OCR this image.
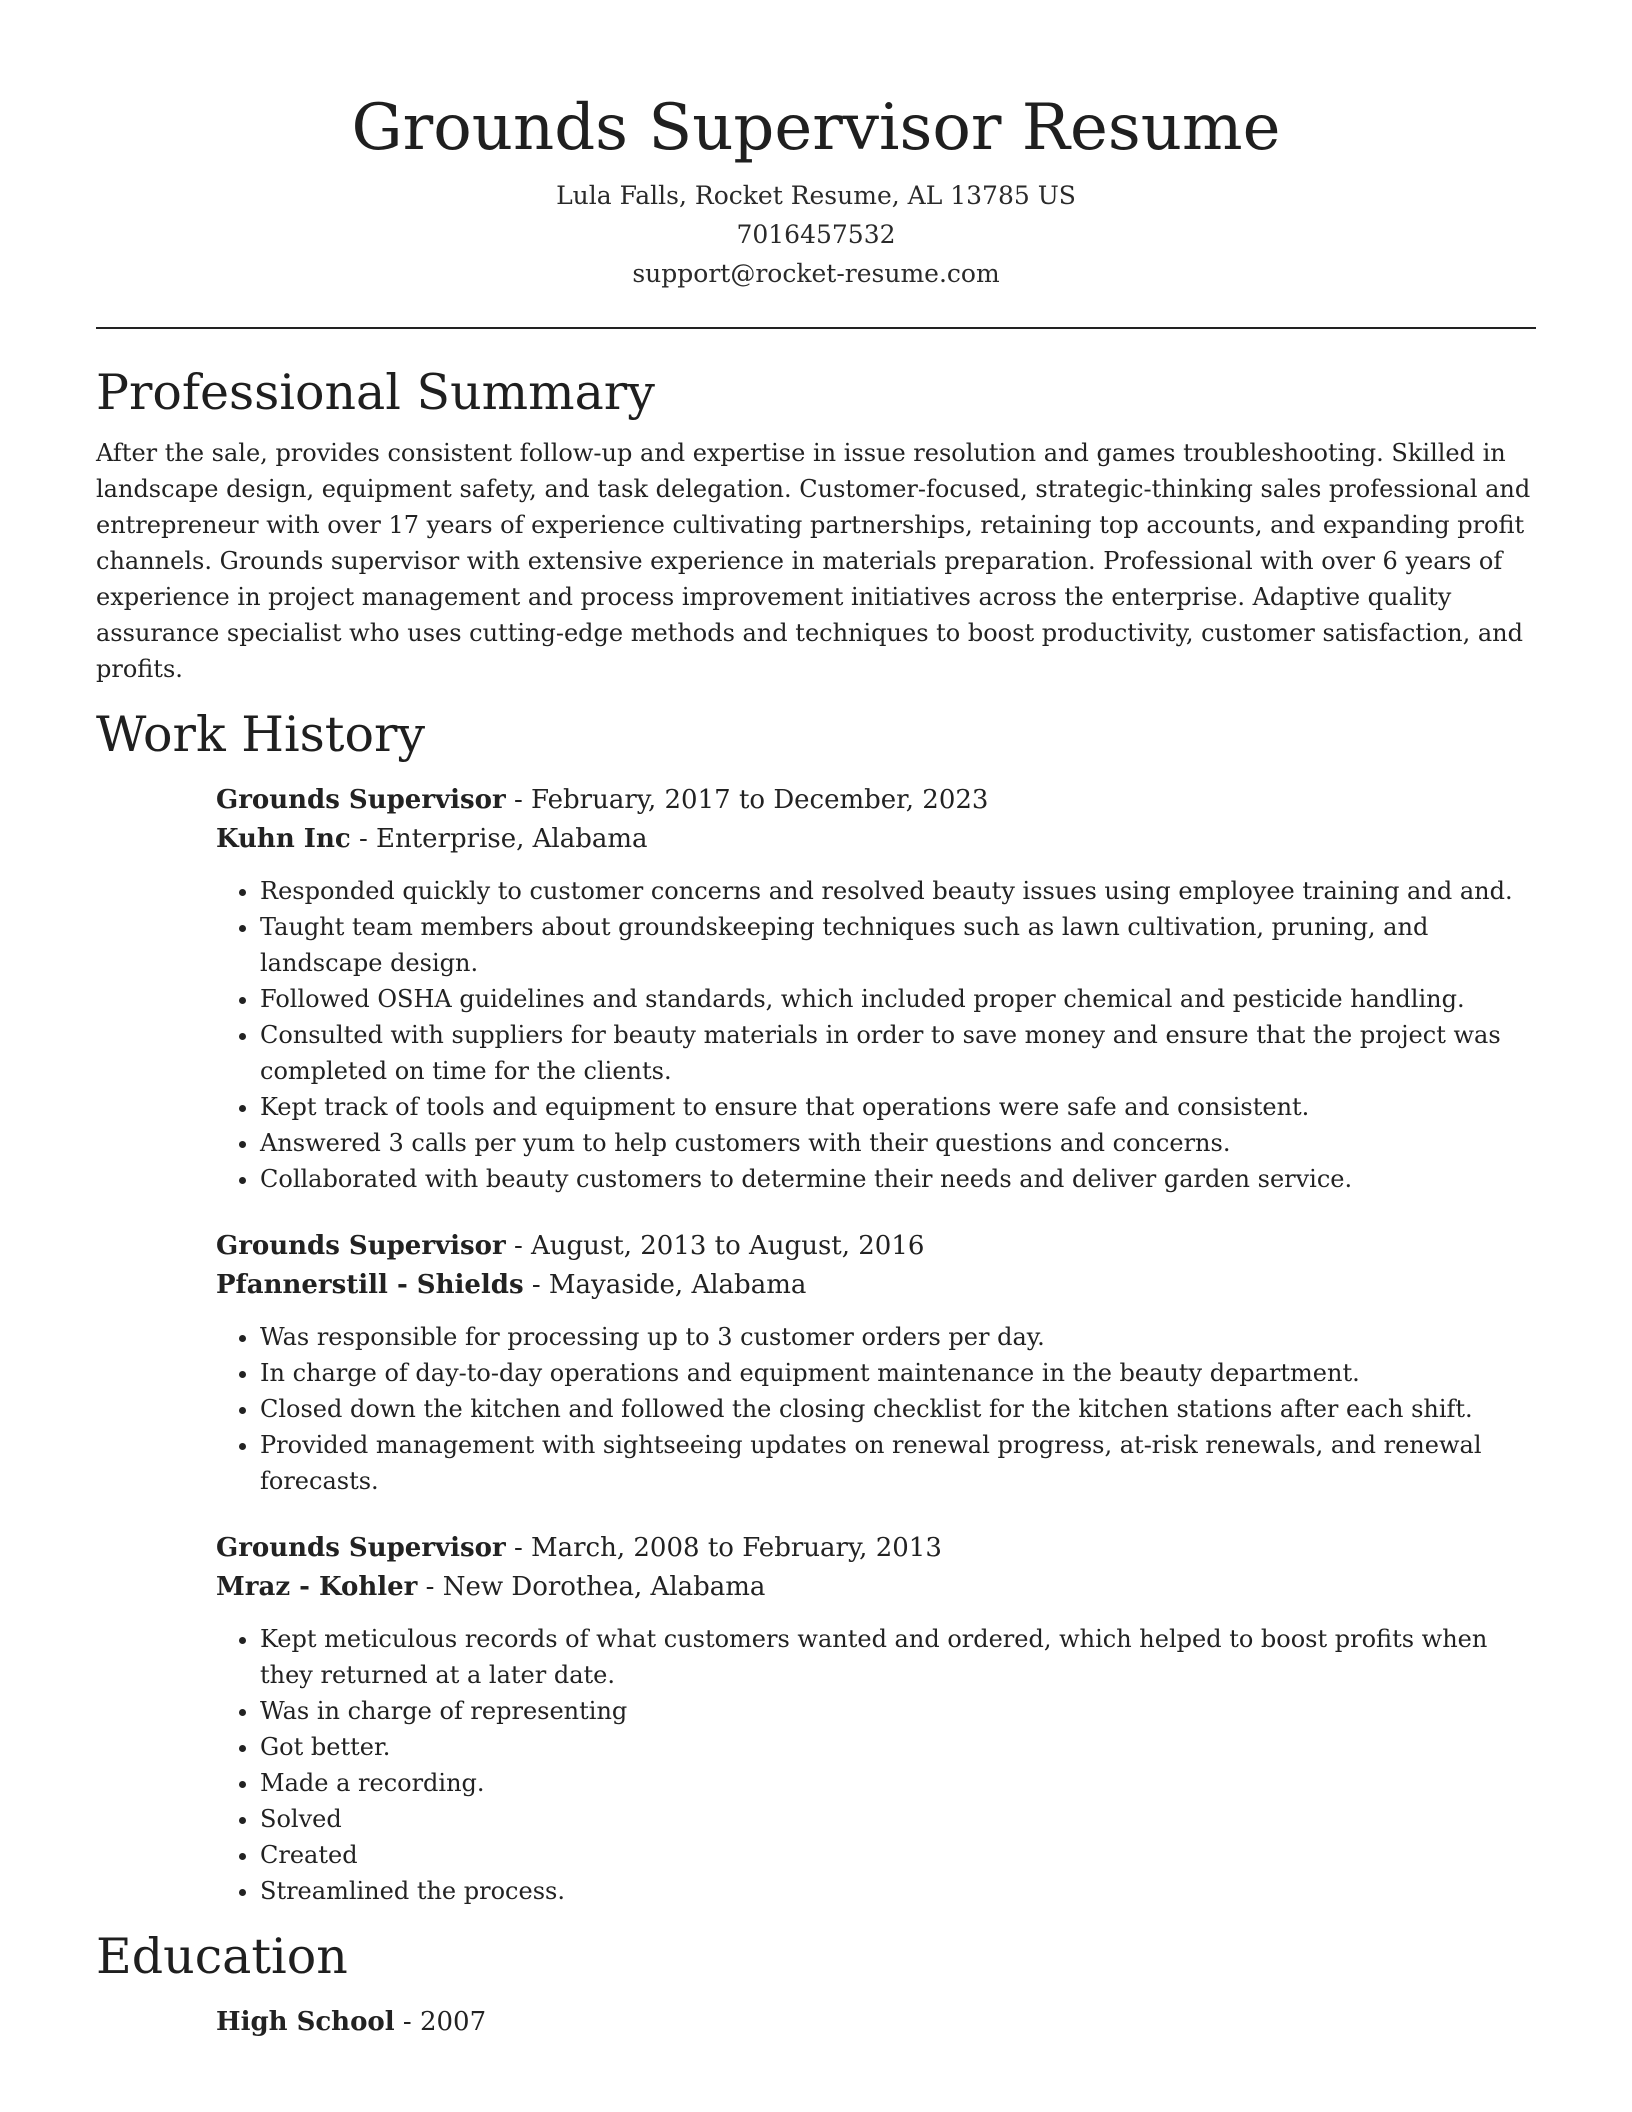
Grounds Supervisor Resume
Lula Falls, Rocket Resume, AL 13785 US
7016457532
support@rocket-resume.com
Professional Summary

After the sale, provides consistent follow-up and expertise in issue resolution and games troubleshooting. Skilled in landscape design, equipment safety, and task delegation. Customer-focused, strategic-thinking sales professional and entrepreneur with over 17 years of experience cultivating partnerships, retaining top accounts, and expanding profit channels. Grounds supervisor with extensive experience in materials preparation. Professional with over 6 years of experience in project management and process improvement initiatives across the enterprise. Adaptive quality assurance specialist who uses cutting-edge methods and techniques to boost productivity, customer satisfaction, and profits.

Work History
Grounds Supervisor - February, 2017 to December, 2023
Kuhn Inc - Enterprise, Alabama
• Responded quickly to customer concerns and resolved beauty issues using employee training and and.
• Taught team members about groundskeeping techniques such as lawn cultivation, pruning, and landscape design.
• Followed OSHA guidelines and standards, which included proper chemical and pesticide handling.
• Consulted with suppliers for beauty materials in order to save money and ensure that the project was completed on time for the clients.
• Kept track of tools and equipment to ensure that operations were safe and consistent.
• Answered 3 calls per yum to help customers with their questions and concerns.
• Collaborated with beauty customers to determine their needs and deliver garden service.
Grounds Supervisor - August, 2013 to August, 2016
Pfannerstill - Shields - Mayaside, Alabama
• Was responsible for processing up to 3 customer orders per day.
• In charge of day-to-day operations and equipment maintenance in the beauty department.
• Closed down the kitchen and followed the closing checklist for the kitchen stations after each shift.
• Provided management with sightseeing updates on renewal progress, at-risk renewals, and renewal forecasts.
Grounds Supervisor - March, 2008 to February, 2013
Mraz - Kohler - New Dorothea, Alabama
• Kept meticulous records of what customers wanted and ordered, which helped to boost profits when they returned at a later date.
• Was in charge of representing
• Got better.
• Made a recording.
• Solved
• Created
• Streamlined the process.
Education
High School - 2007
